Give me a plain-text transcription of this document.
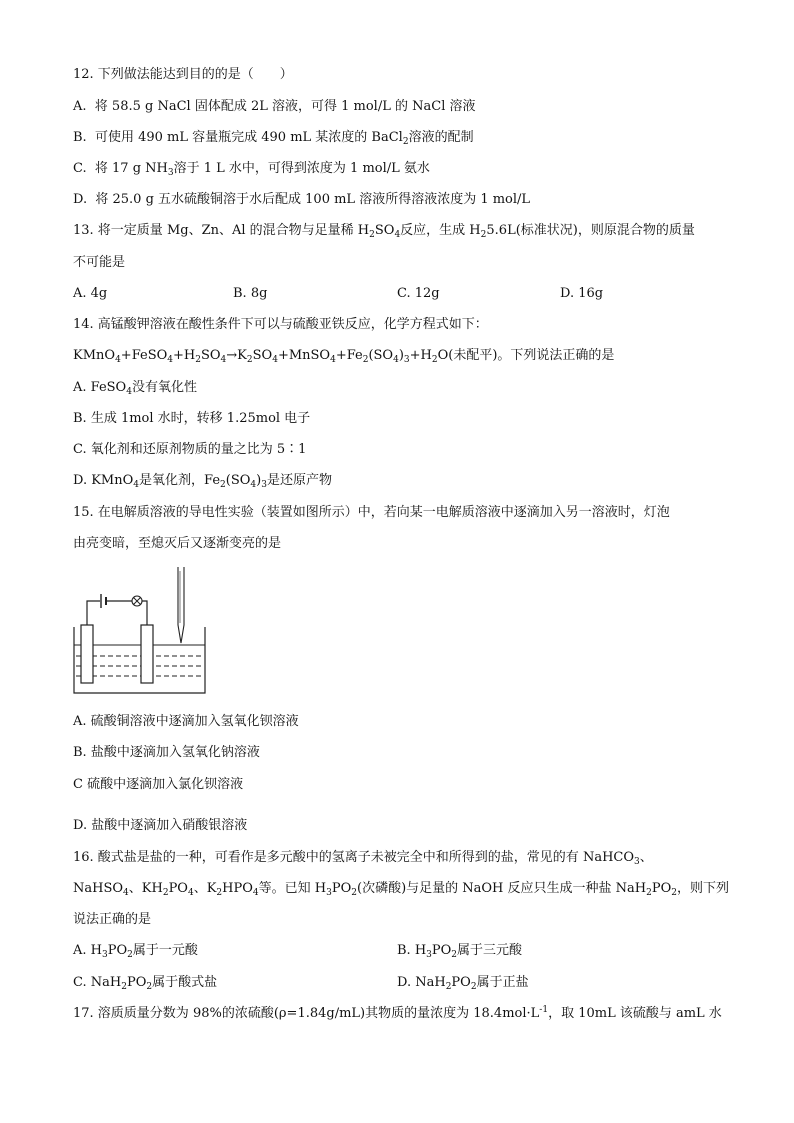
12. 下列做法能达到目的的是（　　）
A. 将 58.5 g NaCl 固体配成 2L 溶液，可得 1 mol/L 的 NaCl 溶液
B. 可使用 490 mL 容量瓶完成 490 mL 某浓度的 BaCl$_2$溶液的配制
C. 将 17 g $NH_3$溶于 1 L 水中，可得到浓度为 1 mol/L 氨水
D. 将 25.0 g 五水硫酸铜溶于水后配成 100 mL 溶液所得溶液浓度为 1 mol/L
13. 将一定质量 Mg、Zn、Al 的混合物与足量稀 $H_2SO_4$反应，生成 $H_25.6L$(标准状况)，则原混合物的质量
不可能是
A. 4g	B. 8g	C. 12g	D. 16g
14. 高锰酸钾溶液在酸性条件下可以与硫酸亚铁反应，化学方程式如下：
$KMnO_4+FeSO_4+H_2SO_4\to K_2SO_4+MnSO_4+Fe_2(SO_4)_3+H_2O$(未配平)。下列说法正确的是
A. FeSO$_4$没有氧化性
B. 生成 1mol 水时，转移 1.25mol 电子
C. 氧化剂和还原剂物质的量之比为 5∶1
D. KMnO$_4$是氧化剂，$Fe_2(SO_4)_3$是还原产物
15. 在电解质溶液的导电性实验（装置如图所示）中，若向某一电解质溶液中逐滴加入另一溶液时，灯泡
由亮变暗，至熄灭后又逐渐变亮的是
A. 硫酸铜溶液中逐滴加入氢氧化钡溶液
B. 盐酸中逐滴加入氢氧化钠溶液
C 硫酸中逐滴加入氯化钡溶液
D. 盐酸中逐滴加入硝酸银溶液
16. 酸式盐是盐的一种，可看作是多元酸中的氢离子未被完全中和所得到的盐，常见的有 NaHCO$_3$、
NaHSO$_4$、$KH_2PO_4$、$K_2HPO_4$等。已知 $H_3PO_2$(次磷酸)与足量的 NaOH 反应只生成一种盐 $NaH_2PO_2$，则下列
说法正确的是
A. $H_3PO_2$属于一元酸	B. $H_3PO_2$属于三元酸
C. $NaH_2PO_2$属于酸式盐	D. $NaH_2PO_2$属于正盐
17. 溶质质量分数为 98%的浓硫酸(ρ=1.84g/mL)其物质的量浓度为 $18.4mol\cdot L^{-1}$，取 10mL 该硫酸与 amL 水
